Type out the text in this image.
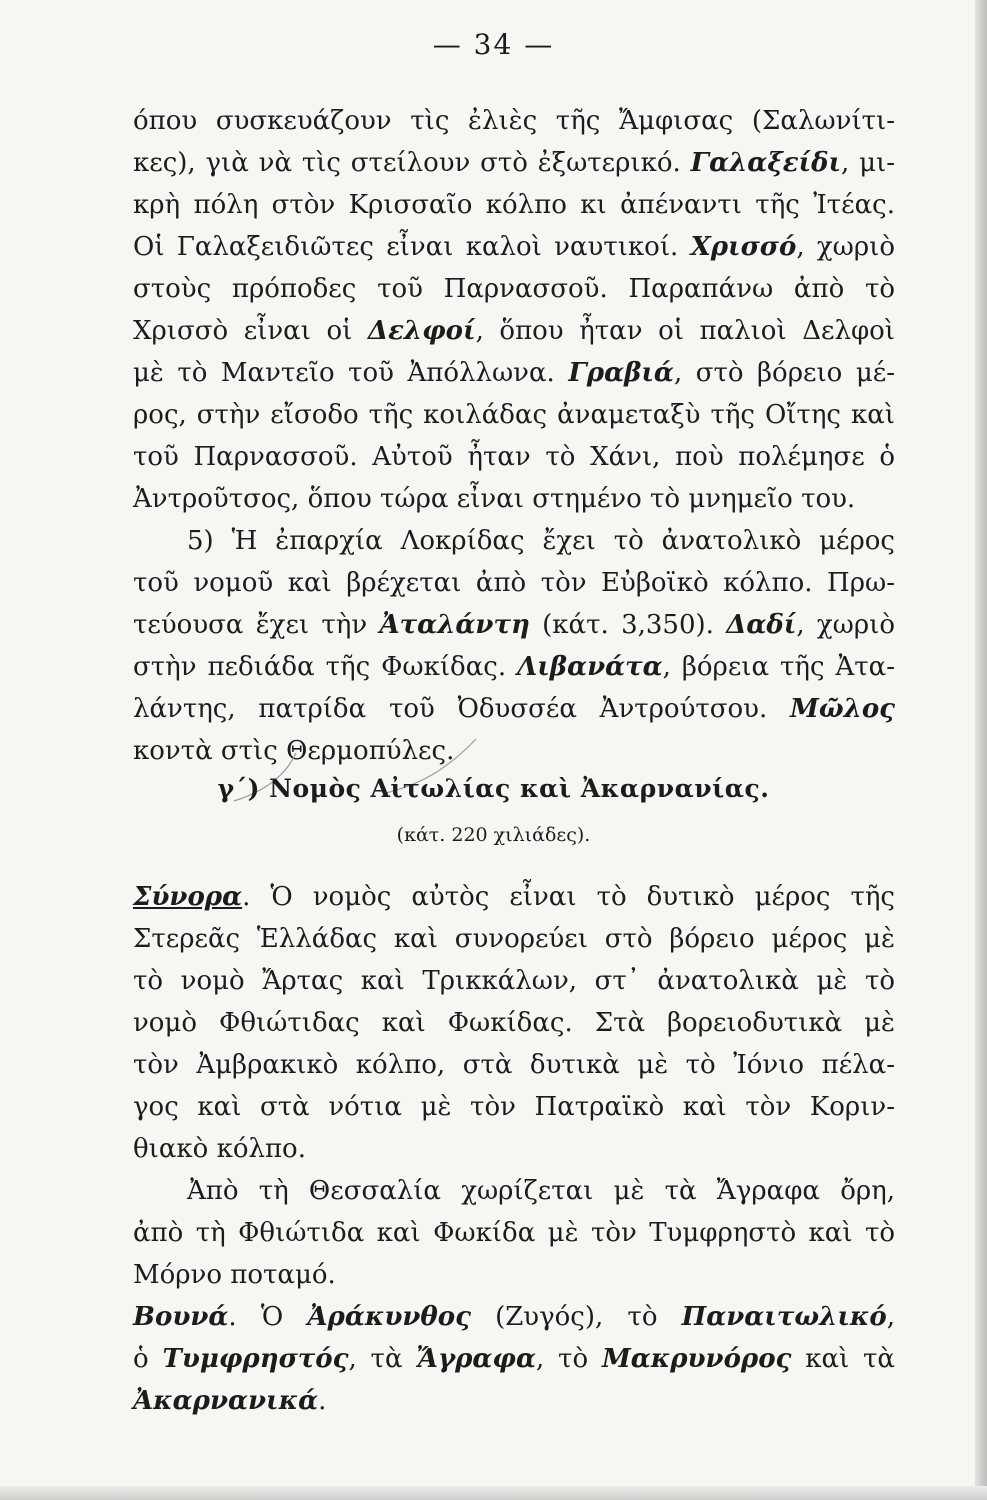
— 34 —
όπου συσκευάζουν τὶς ἐλιὲς τῆς Ἄμφισας (Σαλωνίτι-
κες), γιὰ νὰ τὶς στείλουν στὸ ἐξωτερικό. Γαλαξείδι, μι-
κρὴ πόλη στὸν Κρισσαῖο κόλπο κι ἀπέναντι τῆς Ἰτέας.
Οἱ Γαλαξειδιῶτες εἶναι καλοὶ ναυτικοί. Χρισσό, χωριὸ
στοὺς πρόποδες τοῦ Παρνασσοῦ. Παραπάνω ἀπὸ τὸ
Χρισσὸ εἶναι οἱ Δελφοί, ὅπου ἦταν οἱ παλιοὶ Δελφοὶ
μὲ τὸ Μαντεῖο τοῦ Ἀπόλλωνα. Γραβιά, στὸ βόρειο μέ-
ρος, στὴν εἴσοδο τῆς κοιλάδας ἀναμεταξὺ τῆς Οἴτης καὶ
τοῦ Παρνασσοῦ. Αὐτοῦ ἦταν τὸ Χάνι, ποὺ πολέμησε ὁ
Ἀντροῦτσος, ὅπου τώρα εἶναι στημένο τὸ μνημεῖο του.
5) Ἡ ἐπαρχία Λοκρίδας ἔχει τὸ ἀνατολικὸ μέρος
τοῦ νομοῦ καὶ βρέχεται ἀπὸ τὸν Εὐβοϊκὸ κόλπο. Πρω-
τεύουσα ἔχει τὴν Ἀταλάντη (κάτ. 3,350). Δαδί, χωριὸ
στὴν πεδιάδα τῆς Φωκίδας. Λιβανάτα, βόρεια τῆς Ἀτα-
λάντης, πατρίδα τοῦ Ὀδυσσέα Ἀντρούτσου. Μῶλος
κοντὰ στὶς Θερμοπύλες.
γ΄) Νομὸς Αἰτωλίας καὶ Ἀκαρνανίας.
(κάτ. 220 χιλιάδες).
Σύνορα. Ὁ νομὸς αὐτὸς εἶναι τὸ δυτικὸ μέρος τῆς
Στερεᾶς Ἑλλάδας καὶ συνορεύει στὸ βόρειο μέρος μὲ
τὸ νομὸ Ἄρτας καὶ Τρικκάλων, στ᾽ ἀνατολικὰ μὲ τὸ
νομὸ Φθιώτιδας καὶ Φωκίδας. Στὰ βορειοδυτικὰ μὲ
τὸν Ἀμβρακικὸ κόλπο, στὰ δυτικὰ μὲ τὸ Ἰόνιο πέλα-
γος καὶ στὰ νότια μὲ τὸν Πατραϊκὸ καὶ τὸν Κοριν-
θιακὸ κόλπο.
Ἀπὸ τὴ Θεσσαλία χωρίζεται μὲ τὰ Ἄγραφα ὄρη,
ἀπὸ τὴ Φθιώτιδα καὶ Φωκίδα μὲ τὸν Τυμφρηστὸ καὶ τὸ
Μόρνο ποταμό.
Βουνά. Ὁ Ἀράκυνθος (Ζυγός), τὸ Παναιτωλικό,
ὁ Τυμφρηστός, τὰ Ἄγραφα, τὸ Μακρυνόρος καὶ τὰ
Ἀκαρνανικά.
